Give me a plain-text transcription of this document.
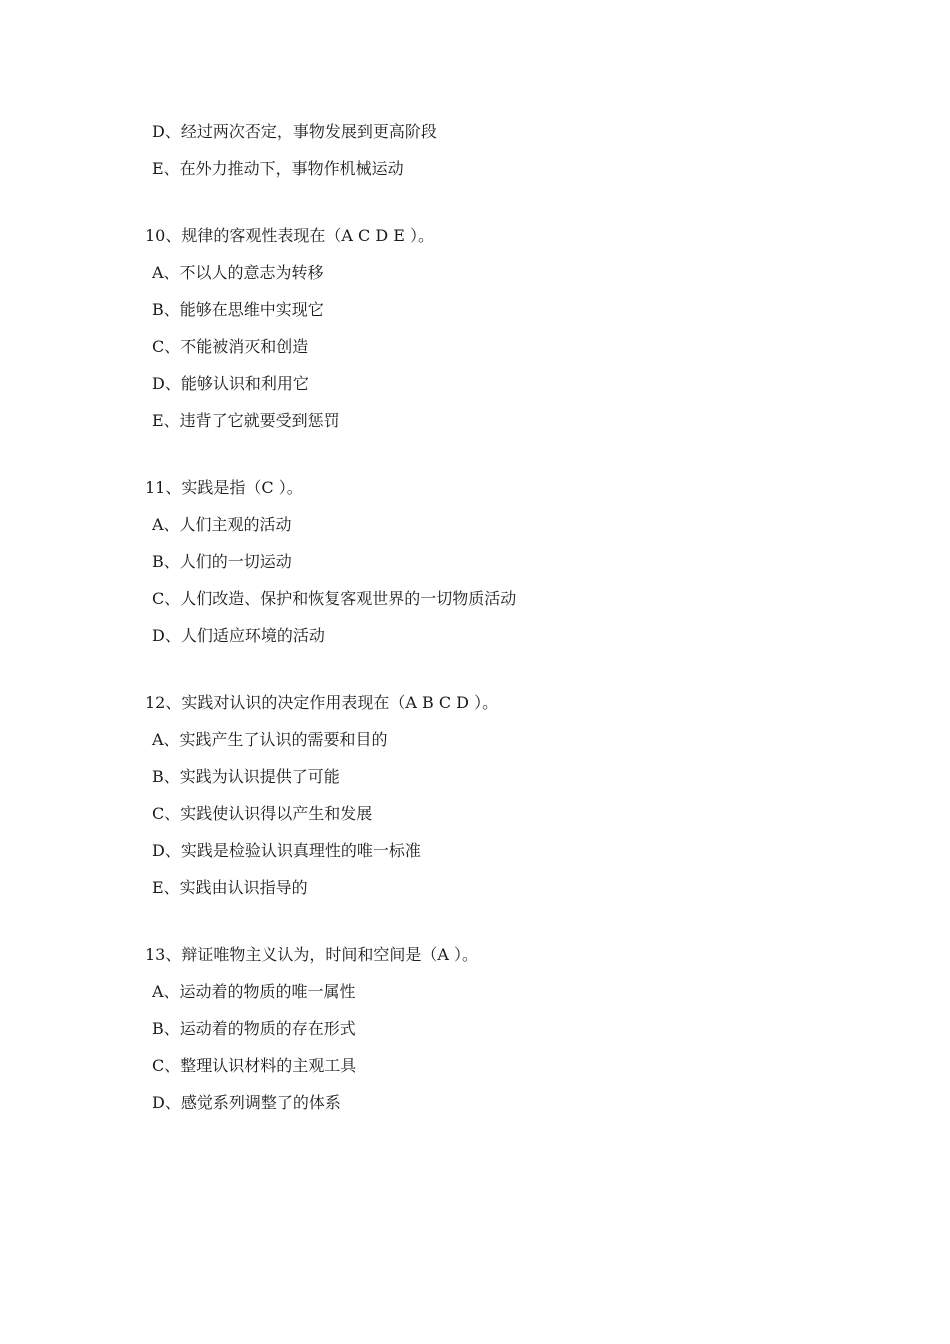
D、经过两次否定，事物发展到更高阶段
E、在外力推动下，事物作机械运动
10、规律的客观性表现在（A C D E ）。
A、不以人的意志为转移
B、能够在思维中实现它
C、不能被消灭和创造
D、能够认识和利用它
E、违背了它就要受到惩罚
11、实践是指（C ）。
A、人们主观的活动
B、人们的一切运动
C、人们改造、保护和恢复客观世界的一切物质活动
D、人们适应环境的活动
12、实践对认识的决定作用表现在（A B C D ）。
A、实践产生了认识的需要和目的
B、实践为认识提供了可能
C、实践使认识得以产生和发展
D、实践是检验认识真理性的唯一标准
E、实践由认识指导的
13、辩证唯物主义认为，时间和空间是（A ）。
A、运动着的物质的唯一属性
B、运动着的物质的存在形式
C、整理认识材料的主观工具
D、感觉系列调整了的体系
